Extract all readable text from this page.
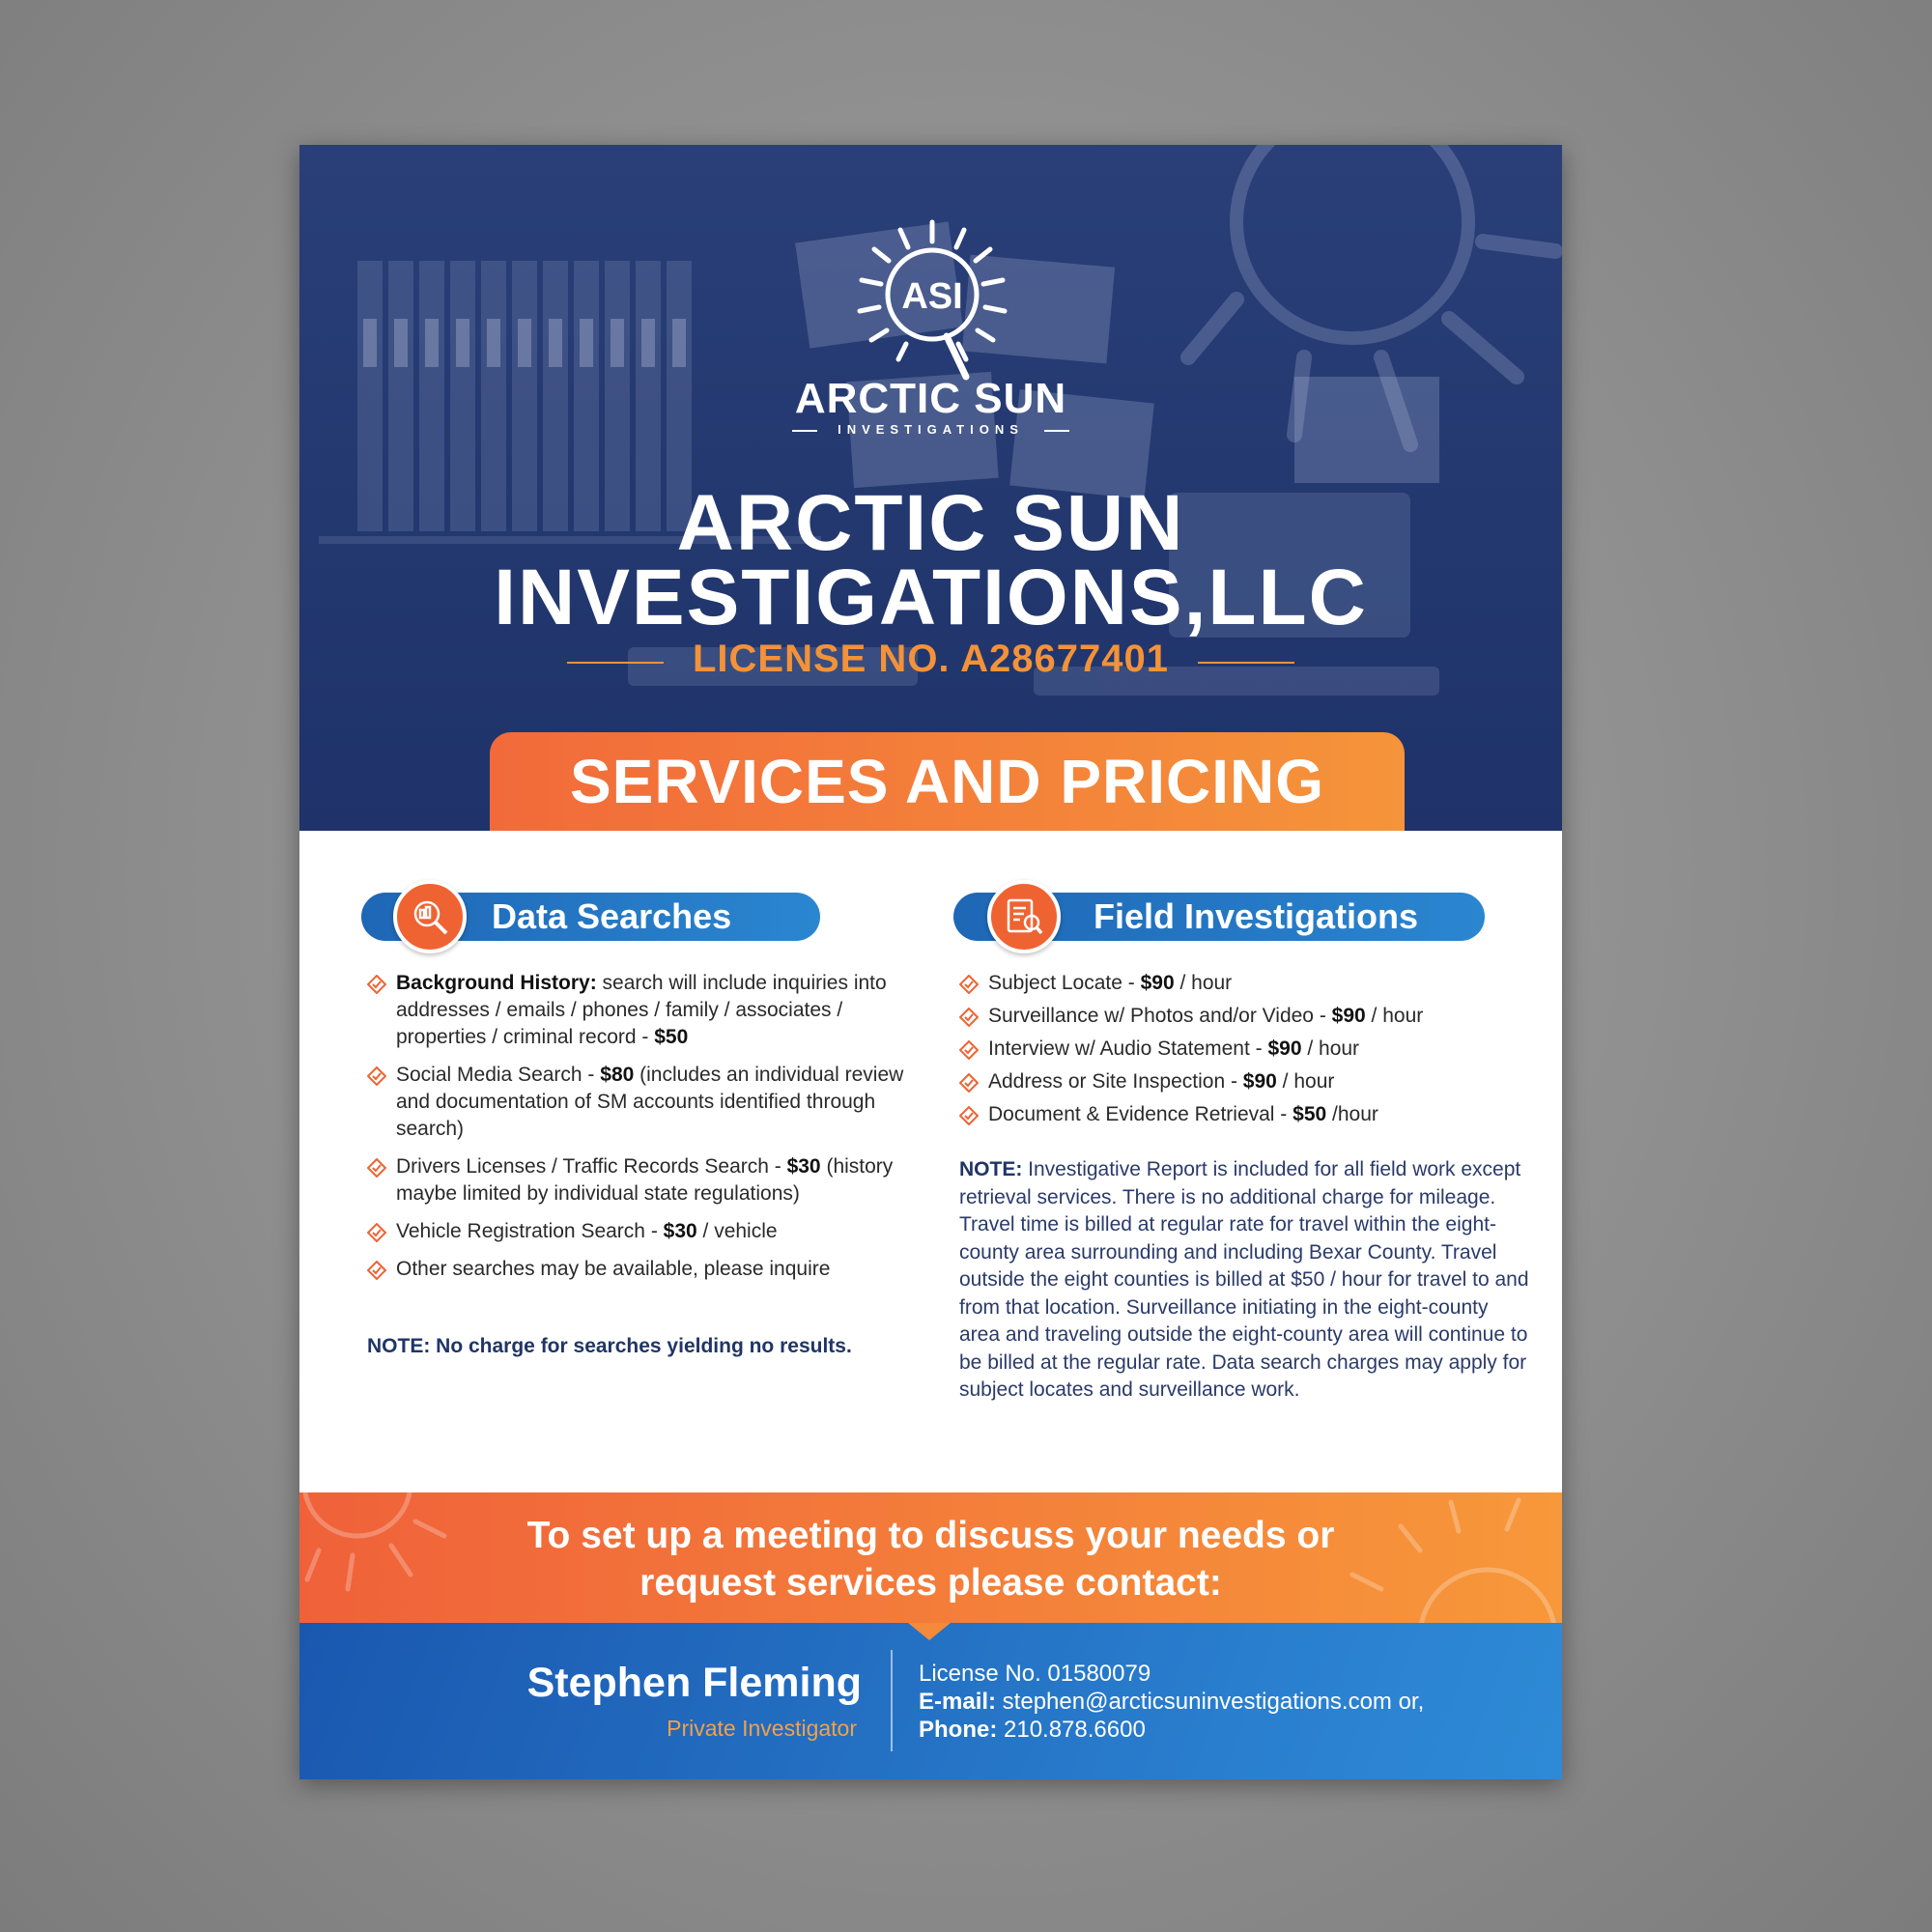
ASI
ARCTIC SUN
INVESTIGATIONS
ARCTIC SUN
INVESTIGATIONS,LLC
LICENSE NO. A28677401
SERVICES AND PRICING
Data Searches
Background History: search will include inquiries into addresses / emails / phones / family / associates / properties / criminal record - $50
Social Media Search - $80 (includes an individual review and documentation of SM accounts identified through search)
Drivers Licenses / Traffic Records Search - $30 (history maybe limited by individual state regulations)
Vehicle Registration Search - $30 / vehicle
Other searches may be available, please inquire
NOTE: No charge for searches yielding no results.
Field Investigations
Subject Locate - $90 / hour
Surveillance w/ Photos and/or Video - $90 / hour
Interview w/ Audio Statement - $90 / hour
Address or Site Inspection - $90 / hour
Document & Evidence Retrieval - $50 /hour
NOTE: Investigative Report is included for all field work except retrieval services. There is no additional charge for mileage. Travel time is billed at regular rate for travel within the eight-county area surrounding and including Bexar County. Travel outside the eight counties is billed at $50 / hour for travel to and from that location. Surveillance initiating in the eight-county area and traveling outside the eight-county area will continue to be billed at the regular rate. Data search charges may apply for subject locates and surveillance work.
To set up a meeting to discuss your needs or
request services please contact:
Stephen Fleming
Private Investigator
License No. 01580079
E-mail: stephen@arcticsuninvestigations.com or,
Phone: 210.878.6600
